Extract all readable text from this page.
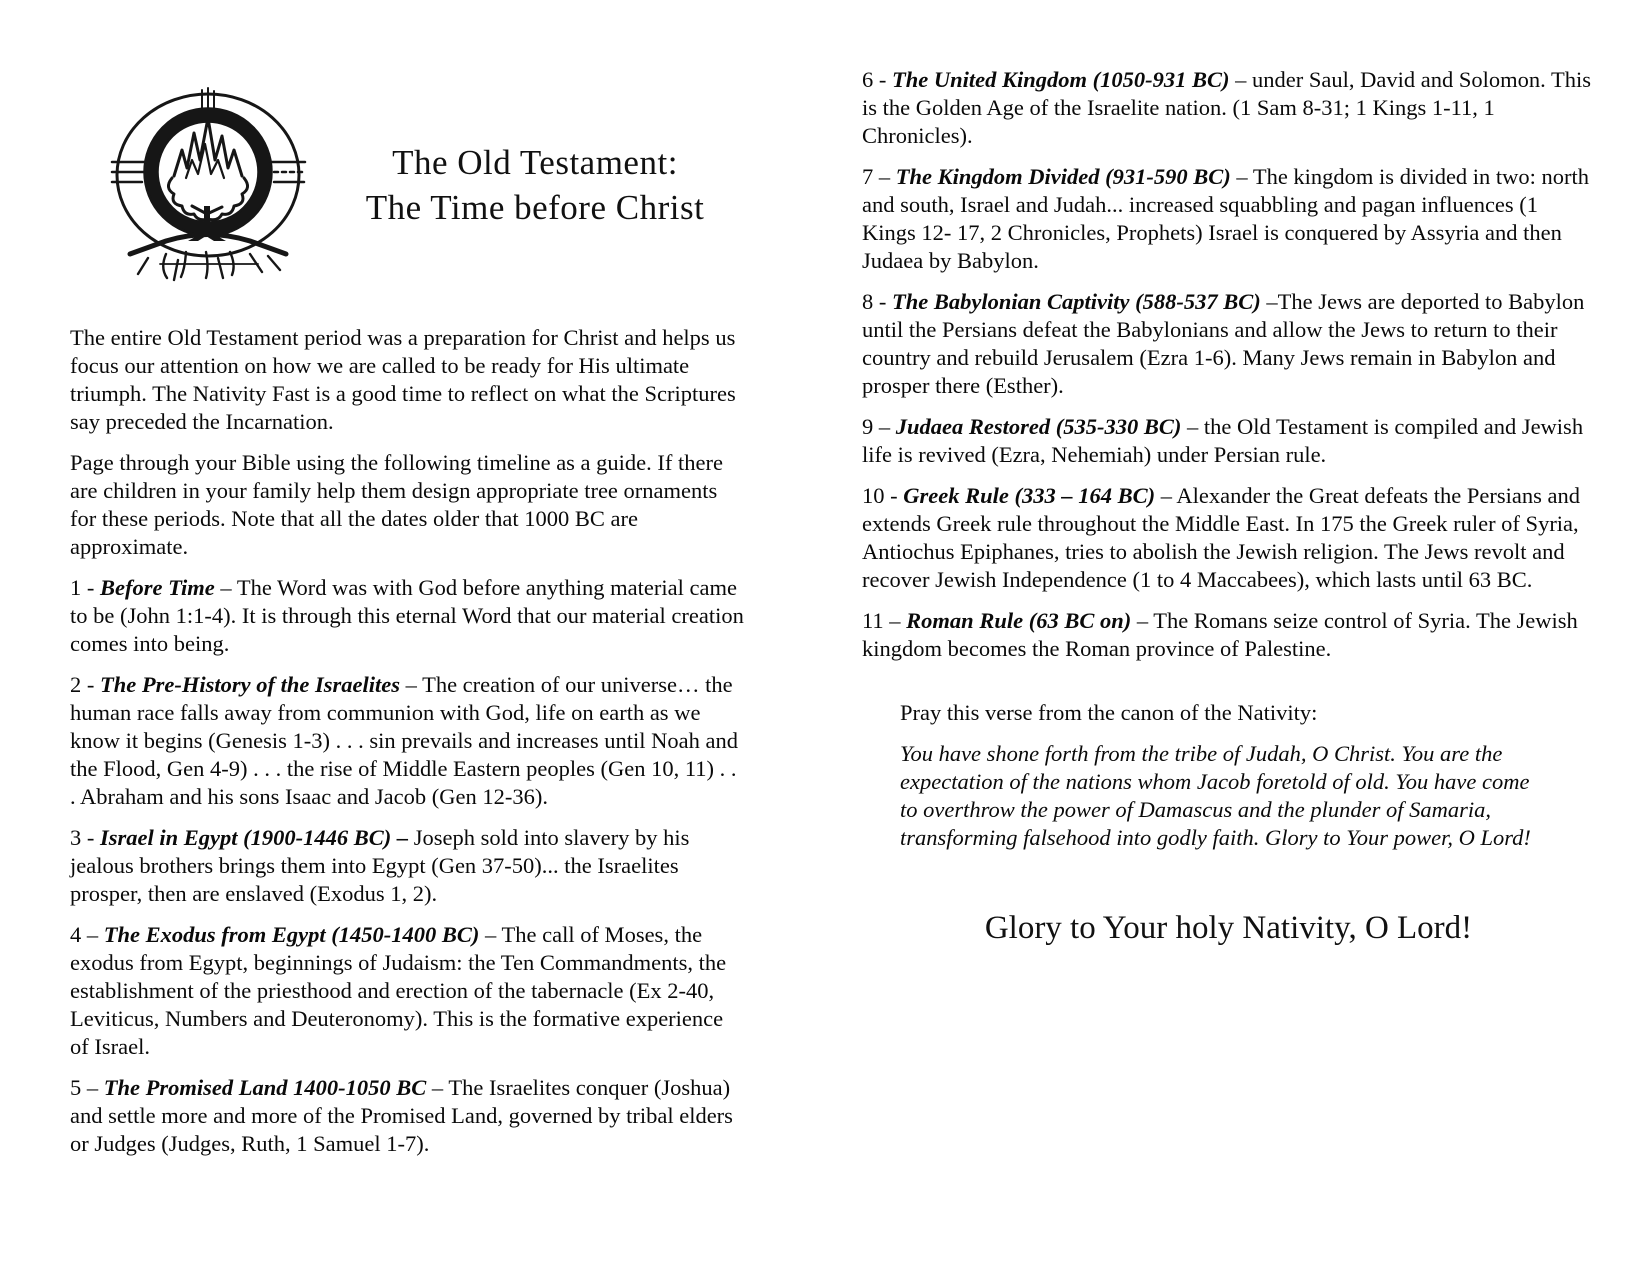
The Old Testament:
The Time before Christ

The entire Old Testament period was a preparation for Christ and helps us focus our attention on how we are called to be ready for His ultimate triumph. The Nativity Fast is a good time to reflect on what the Scriptures say preceded the Incarnation.

Page through your Bible using the following timeline as a guide. If there are children in your family help them design appropriate tree ornaments for these periods. Note that all the dates older that 1000 BC are approximate.

1 - Before Time – The Word was with God before anything material came to be (John 1:1-4). It is through this eternal Word that our material creation comes into being.

2 - The Pre-History of the Israelites – The creation of our universe… the human race falls away from communion with God, life on earth as we know it begins (Genesis 1-3) . . . sin prevails and increases until Noah and the Flood, Gen 4-9) . . . the rise of Middle Eastern peoples (Gen 10, 11) . . . Abraham and his sons Isaac and Jacob (Gen 12-36).

3 - Israel in Egypt (1900-1446 BC) – Joseph sold into slavery by his jealous brothers brings them into Egypt (Gen 37-50)... the Israelites prosper, then are enslaved (Exodus 1, 2).

4 – The Exodus from Egypt (1450-1400 BC) – The call of Moses, the exodus from Egypt, beginnings of Judaism: the Ten Commandments, the establishment of the priesthood and erection of the tabernacle (Ex 2-40, Leviticus, Numbers and Deuteronomy). This is the formative experience of Israel.

5 – The Promised Land 1400-1050 BC – The Israelites conquer (Joshua) and settle more and more of the Promised Land, governed by tribal elders or Judges (Judges, Ruth, 1 Samuel 1-7).

6 - The United Kingdom (1050-931 BC) – under Saul, David and Solomon. This is the Golden Age of the Israelite nation. (1 Sam 8-31; 1 Kings 1-11, 1 Chronicles).

7 – The Kingdom Divided (931-590 BC) – The kingdom is divided in two: north and south, Israel and Judah... increased squabbling and pagan influences (1 Kings 12- 17, 2 Chronicles, Prophets) Israel is conquered by Assyria and then Judaea by Babylon.

8 - The Babylonian Captivity (588-537 BC) –The Jews are deported to Babylon until the Persians defeat the Babylonians and allow the Jews to return to their country and rebuild Jerusalem (Ezra 1-6). Many Jews remain in Babylon and prosper there (Esther).

9 – Judaea Restored (535-330 BC) – the Old Testament is compiled and Jewish life is revived (Ezra, Nehemiah) under Persian rule.

10 - Greek Rule (333 – 164 BC) – Alexander the Great defeats the Persians and extends Greek rule throughout the Middle East. In 175 the Greek ruler of Syria, Antiochus Epiphanes, tries to abolish the Jewish religion. The Jews revolt and recover Jewish Independence (1 to 4 Maccabees), which lasts until 63 BC.

11 – Roman Rule (63 BC on) – The Romans seize control of Syria. The Jewish kingdom becomes the Roman province of Palestine.

Pray this verse from the canon of the Nativity:

You have shone forth from the tribe of Judah, O Christ. You are the expectation of the nations whom Jacob foretold of old. You have come to overthrow the power of Damascus and the plunder of Samaria, transforming falsehood into godly faith. Glory to Your power, O Lord!

Glory to Your holy Nativity, O Lord!
